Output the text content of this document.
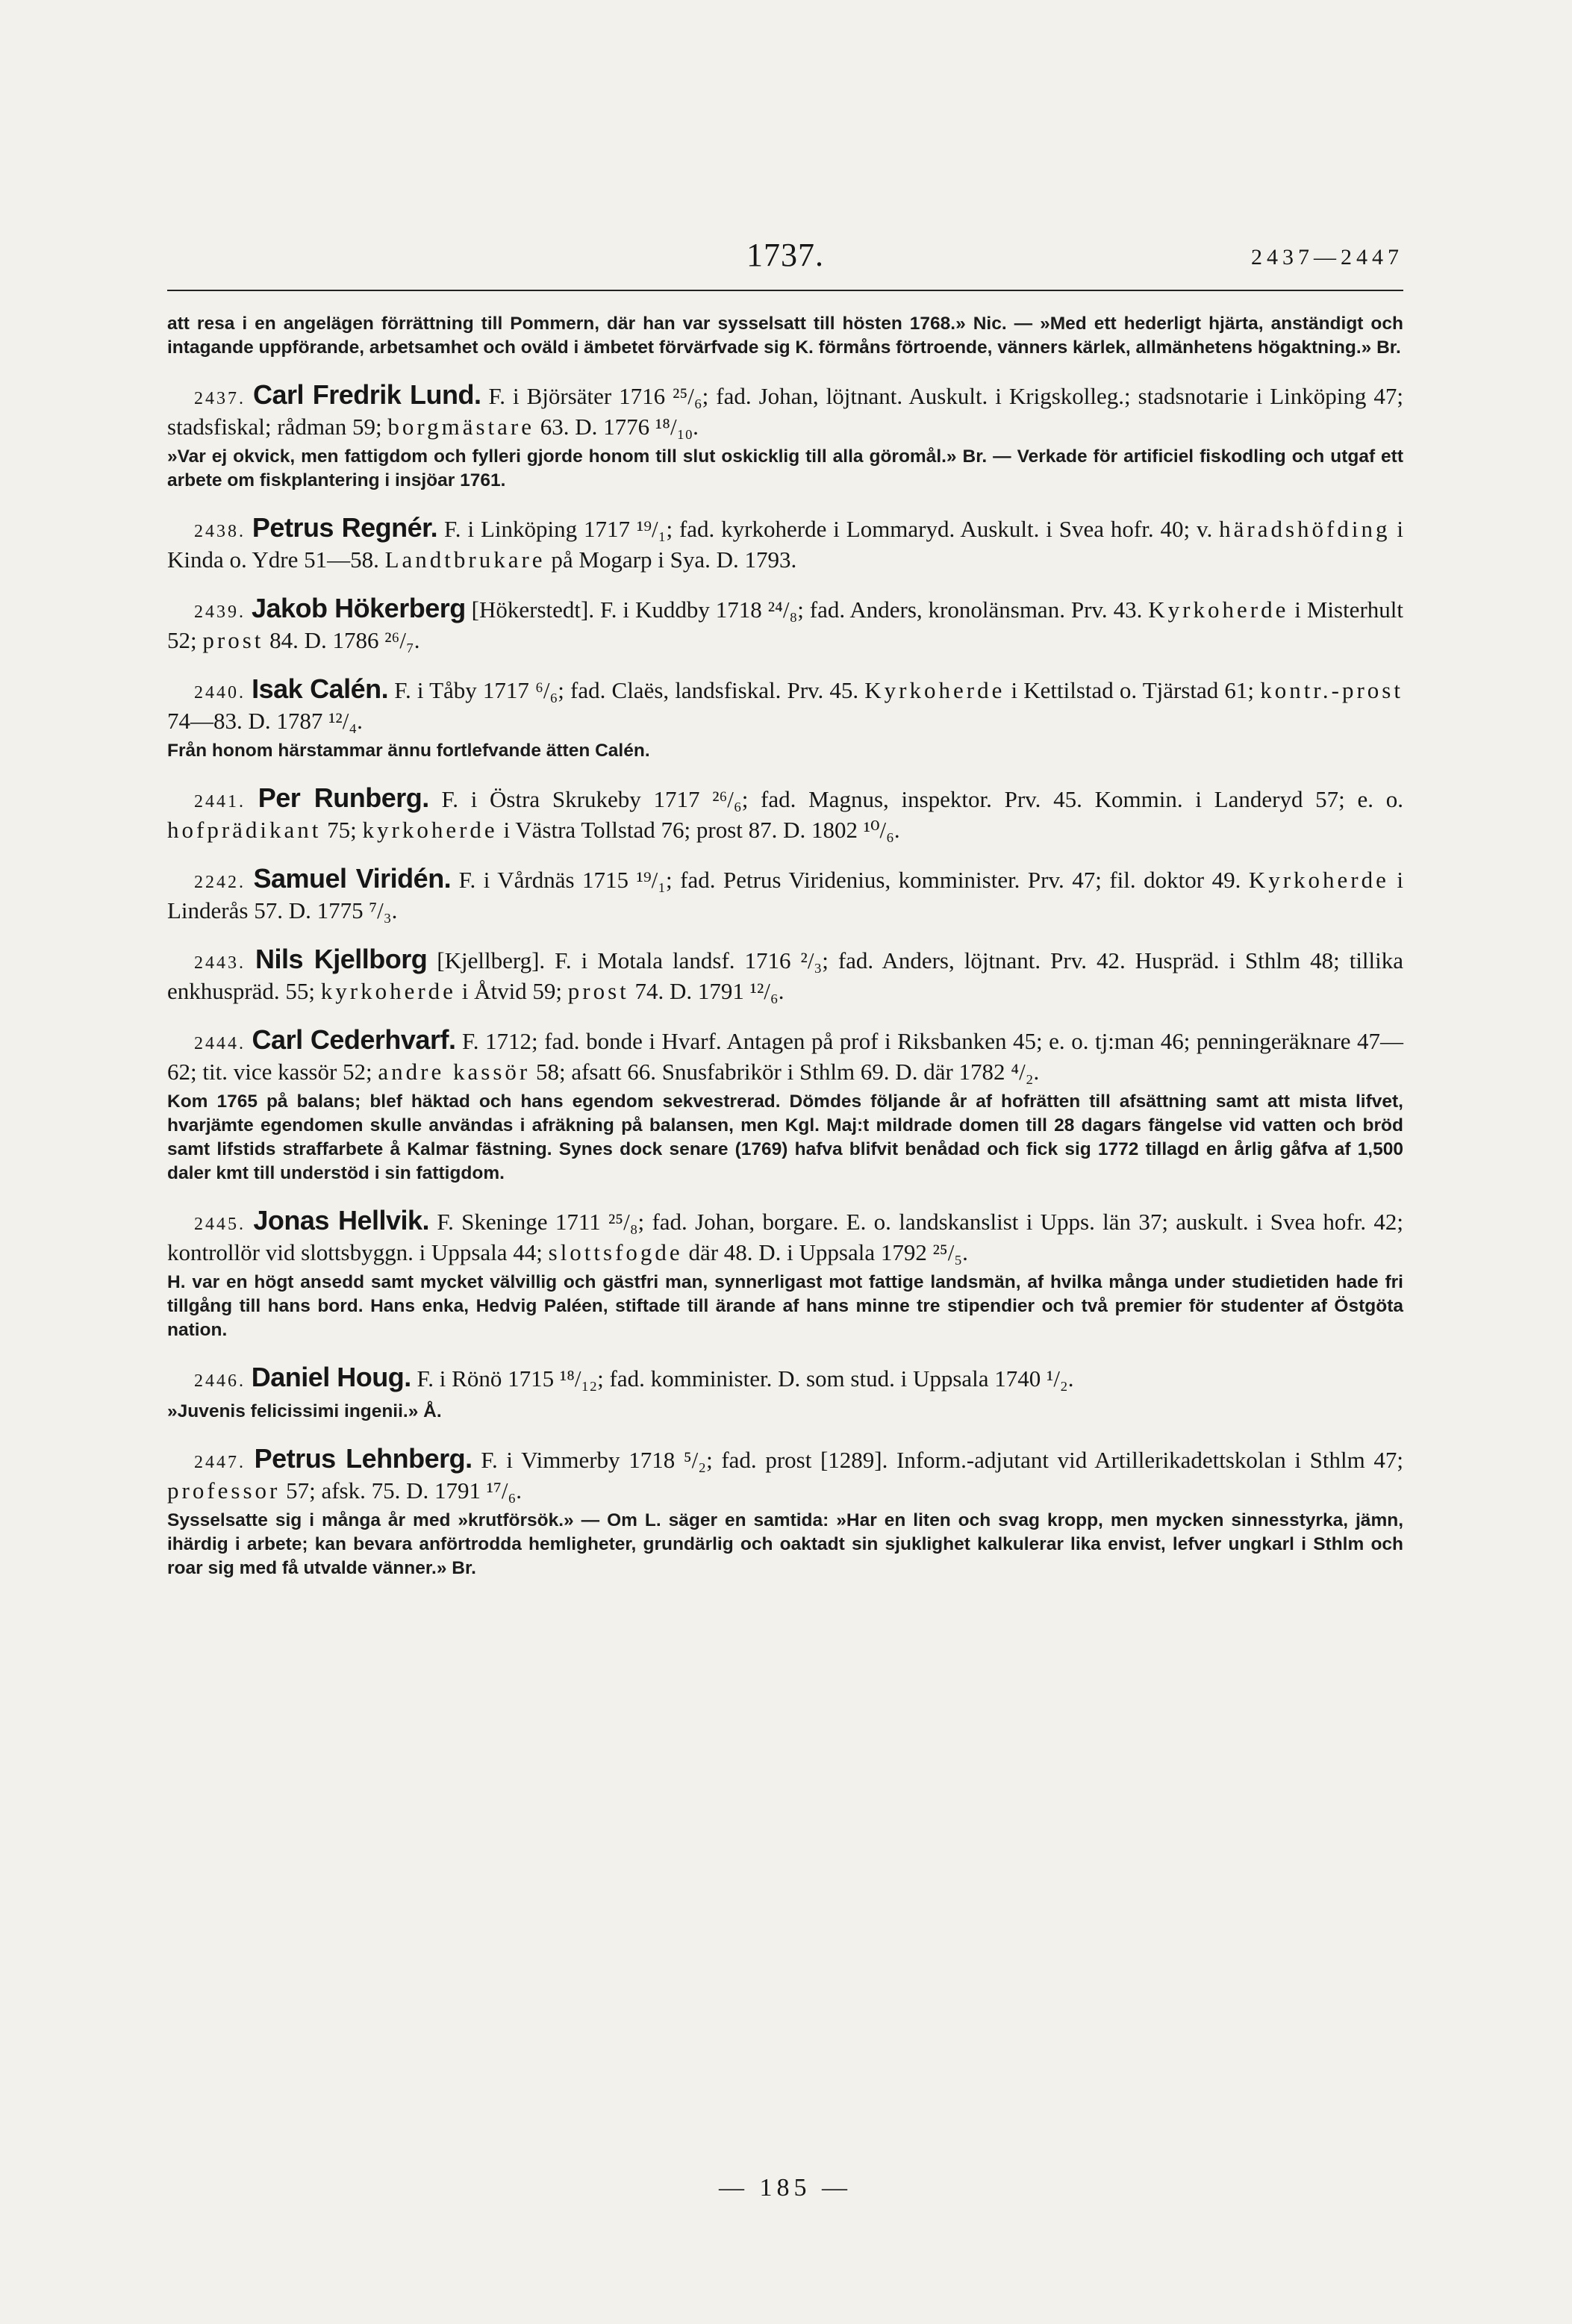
1737.	2437—2447

att resa i en angelägen förrättning till Pommern, där han var sysselsatt till hösten 1768.» Nic. — »Med ett hederligt hjärta, anständigt och intagande uppförande, arbetsamhet och oväld i ämbetet förvärfvade sig K. förmåns förtroende, vänners kärlek, allmänhetens högaktning.» Br.

2437. Carl Fredrik Lund. F. i Björsäter 1716 ²⁵/₆; fad. Johan, löjtnant. Auskult. i Krigskolleg.; stadsnotarie i Linköping 47; stadsfiskal; rådman 59; borgmästare 63. D. 1776 ¹⁸/₁₀.

»Var ej okvick, men fattigdom och fylleri gjorde honom till slut oskicklig till alla göromål.» Br. — Verkade för artificiel fiskodling och utgaf ett arbete om fiskplantering i insjöar 1761.

2438. Petrus Regnér. F. i Linköping 1717 ¹⁹/₁; fad. kyrkoherde i Lommaryd. Auskult. i Svea hofr. 40; v. häradshöfding i Kinda o. Ydre 51—58. Landtbrukare på Mogarp i Sya. D. 1793.
2439. Jakob Hökerberg [Hökerstedt]. F. i Kuddby 1718 ²⁴/₈; fad. Anders, kronolänsman. Prv. 43. Kyrkoherde i Misterhult 52; prost 84. D. 1786 ²⁶/₇.
2440. Isak Calén. F. i Tåby 1717 ⁶/₆; fad. Claës, landsfiskal. Prv. 45. Kyrkoherde i Kettilstad o. Tjärstad 61; kontr.-prost 74—83. D. 1787 ¹²/₄.

Från honom härstammar ännu fortlefvande ätten Calén.

2441. Per Runberg. F. i Östra Skrukeby 1717 ²⁶/₆; fad. Magnus, inspektor. Prv. 45. Kommin. i Landeryd 57; e. o. hofprädikant 75; kyrkoherde i Västra Tollstad 76; prost 87. D. 1802 ¹⁰/₆.
2242. Samuel Viridén. F. i Vårdnäs 1715 ¹⁹/₁; fad. Petrus Viridenius, komminister. Prv. 47; fil. doktor 49. Kyrkoherde i Linderås 57. D. 1775 ⁷/₃.
2443. Nils Kjellborg [Kjellberg]. F. i Motala landsf. 1716 ²/₃; fad. Anders, löjtnant. Prv. 42. Huspräd. i Sthlm 48; tillika enkhuspräd. 55; kyrkoherde i Åtvid 59; prost 74. D. 1791 ¹²/₆.
2444. Carl Cederhvarf. F. 1712; fad. bonde i Hvarf. Antagen på prof i Riksbanken 45; e. o. tj:man 46; penningeräknare 47—62; tit. vice kassör 52; andre kassör 58; afsatt 66. Snusfabrikör i Sthlm 69. D. där 1782 ⁴/₂.

Kom 1765 på balans; blef häktad och hans egendom sekvestrerad. Dömdes följande år af hofrätten till afsättning samt att mista lifvet, hvarjämte egendomen skulle användas i afräkning på balansen, men Kgl. Maj:t mildrade domen till 28 dagars fängelse vid vatten och bröd samt lifstids straffarbete å Kalmar fästning. Synes dock senare (1769) hafva blifvit benådad och fick sig 1772 tillagd en årlig gåfva af 1,500 daler kmt till understöd i sin fattigdom.

2445. Jonas Hellvik. F. Skeninge 1711 ²⁵/₈; fad. Johan, borgare. E. o. landskanslist i Upps. län 37; auskult. i Svea hofr. 42; kontrollör vid slottsbyggn. i Uppsala 44; slottsfogde där 48. D. i Uppsala 1792 ²⁵/₅.

H. var en högt ansedd samt mycket välvillig och gästfri man, synnerligast mot fattige landsmän, af hvilka många under studietiden hade fri tillgång till hans bord. Hans enka, Hedvig Paléen, stiftade till ärande af hans minne tre stipendier och två premier för studenter af Östgöta nation.

2446. Daniel Houg. F. i Rönö 1715 ¹⁸/₁₂; fad. komminister. D. som stud. i Uppsala 1740 ¹/₂.

»Juvenis felicissimi ingenii.» Å.

2447. Petrus Lehnberg. F. i Vimmerby 1718 ⁵/₂; fad. prost [1289]. Inform.-adjutant vid Artillerikadettskolan i Sthlm 47; professor 57; afsk. 75. D. 1791 ¹⁷/₆.

Sysselsatte sig i många år med »krutförsök.» — Om L. säger en samtida: »Har en liten och svag kropp, men mycken sinnesstyrka, jämn, ihärdig i arbete; kan bevara anförtrodda hemligheter, grundärlig och oaktadt sin sjuklighet kalkulerar lika envist, lefver ungkarl i Sthlm och roar sig med få utvalde vänner.» Br.

— 185 —
